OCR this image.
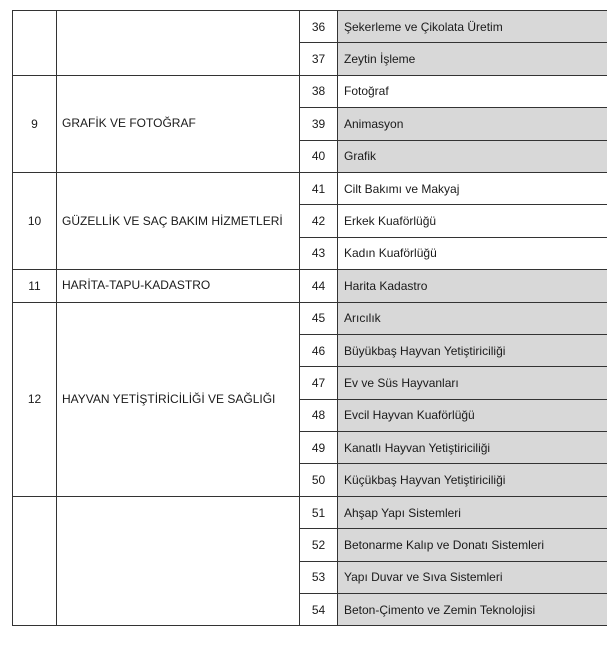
		36	Şekerleme ve Çikolata Üretim
		37	Zeytin İşleme
9	GRAFİK VE FOTOĞRAF	38	Fotoğraf
		39	Animasyon
		40	Grafik
10	GÜZELLİK VE SAÇ BAKIM HİZMETLERİ	41	Cilt Bakımı ve Makyaj
		42	Erkek Kuaförlüğü
		43	Kadın Kuaförlüğü
11	HARİTA-TAPU-KADASTRO	44	Harita Kadastro
12	HAYVAN YETİŞTİRİCİLİĞİ VE SAĞLIĞI	45	Arıcılık
		46	Büyükbaş Hayvan Yetiştiriciliği
		47	Ev ve Süs Hayvanları
		48	Evcil Hayvan Kuaförlüğü
		49	Kanatlı Hayvan Yetiştiriciliği
		50	Küçükbaş Hayvan Yetiştiriciliği
		51	Ahşap Yapı Sistemleri
		52	Betonarme Kalıp ve Donatı Sistemleri
		53	Yapı Duvar ve Sıva Sistemleri
		54	Beton-Çimento ve Zemin Teknolojisi
